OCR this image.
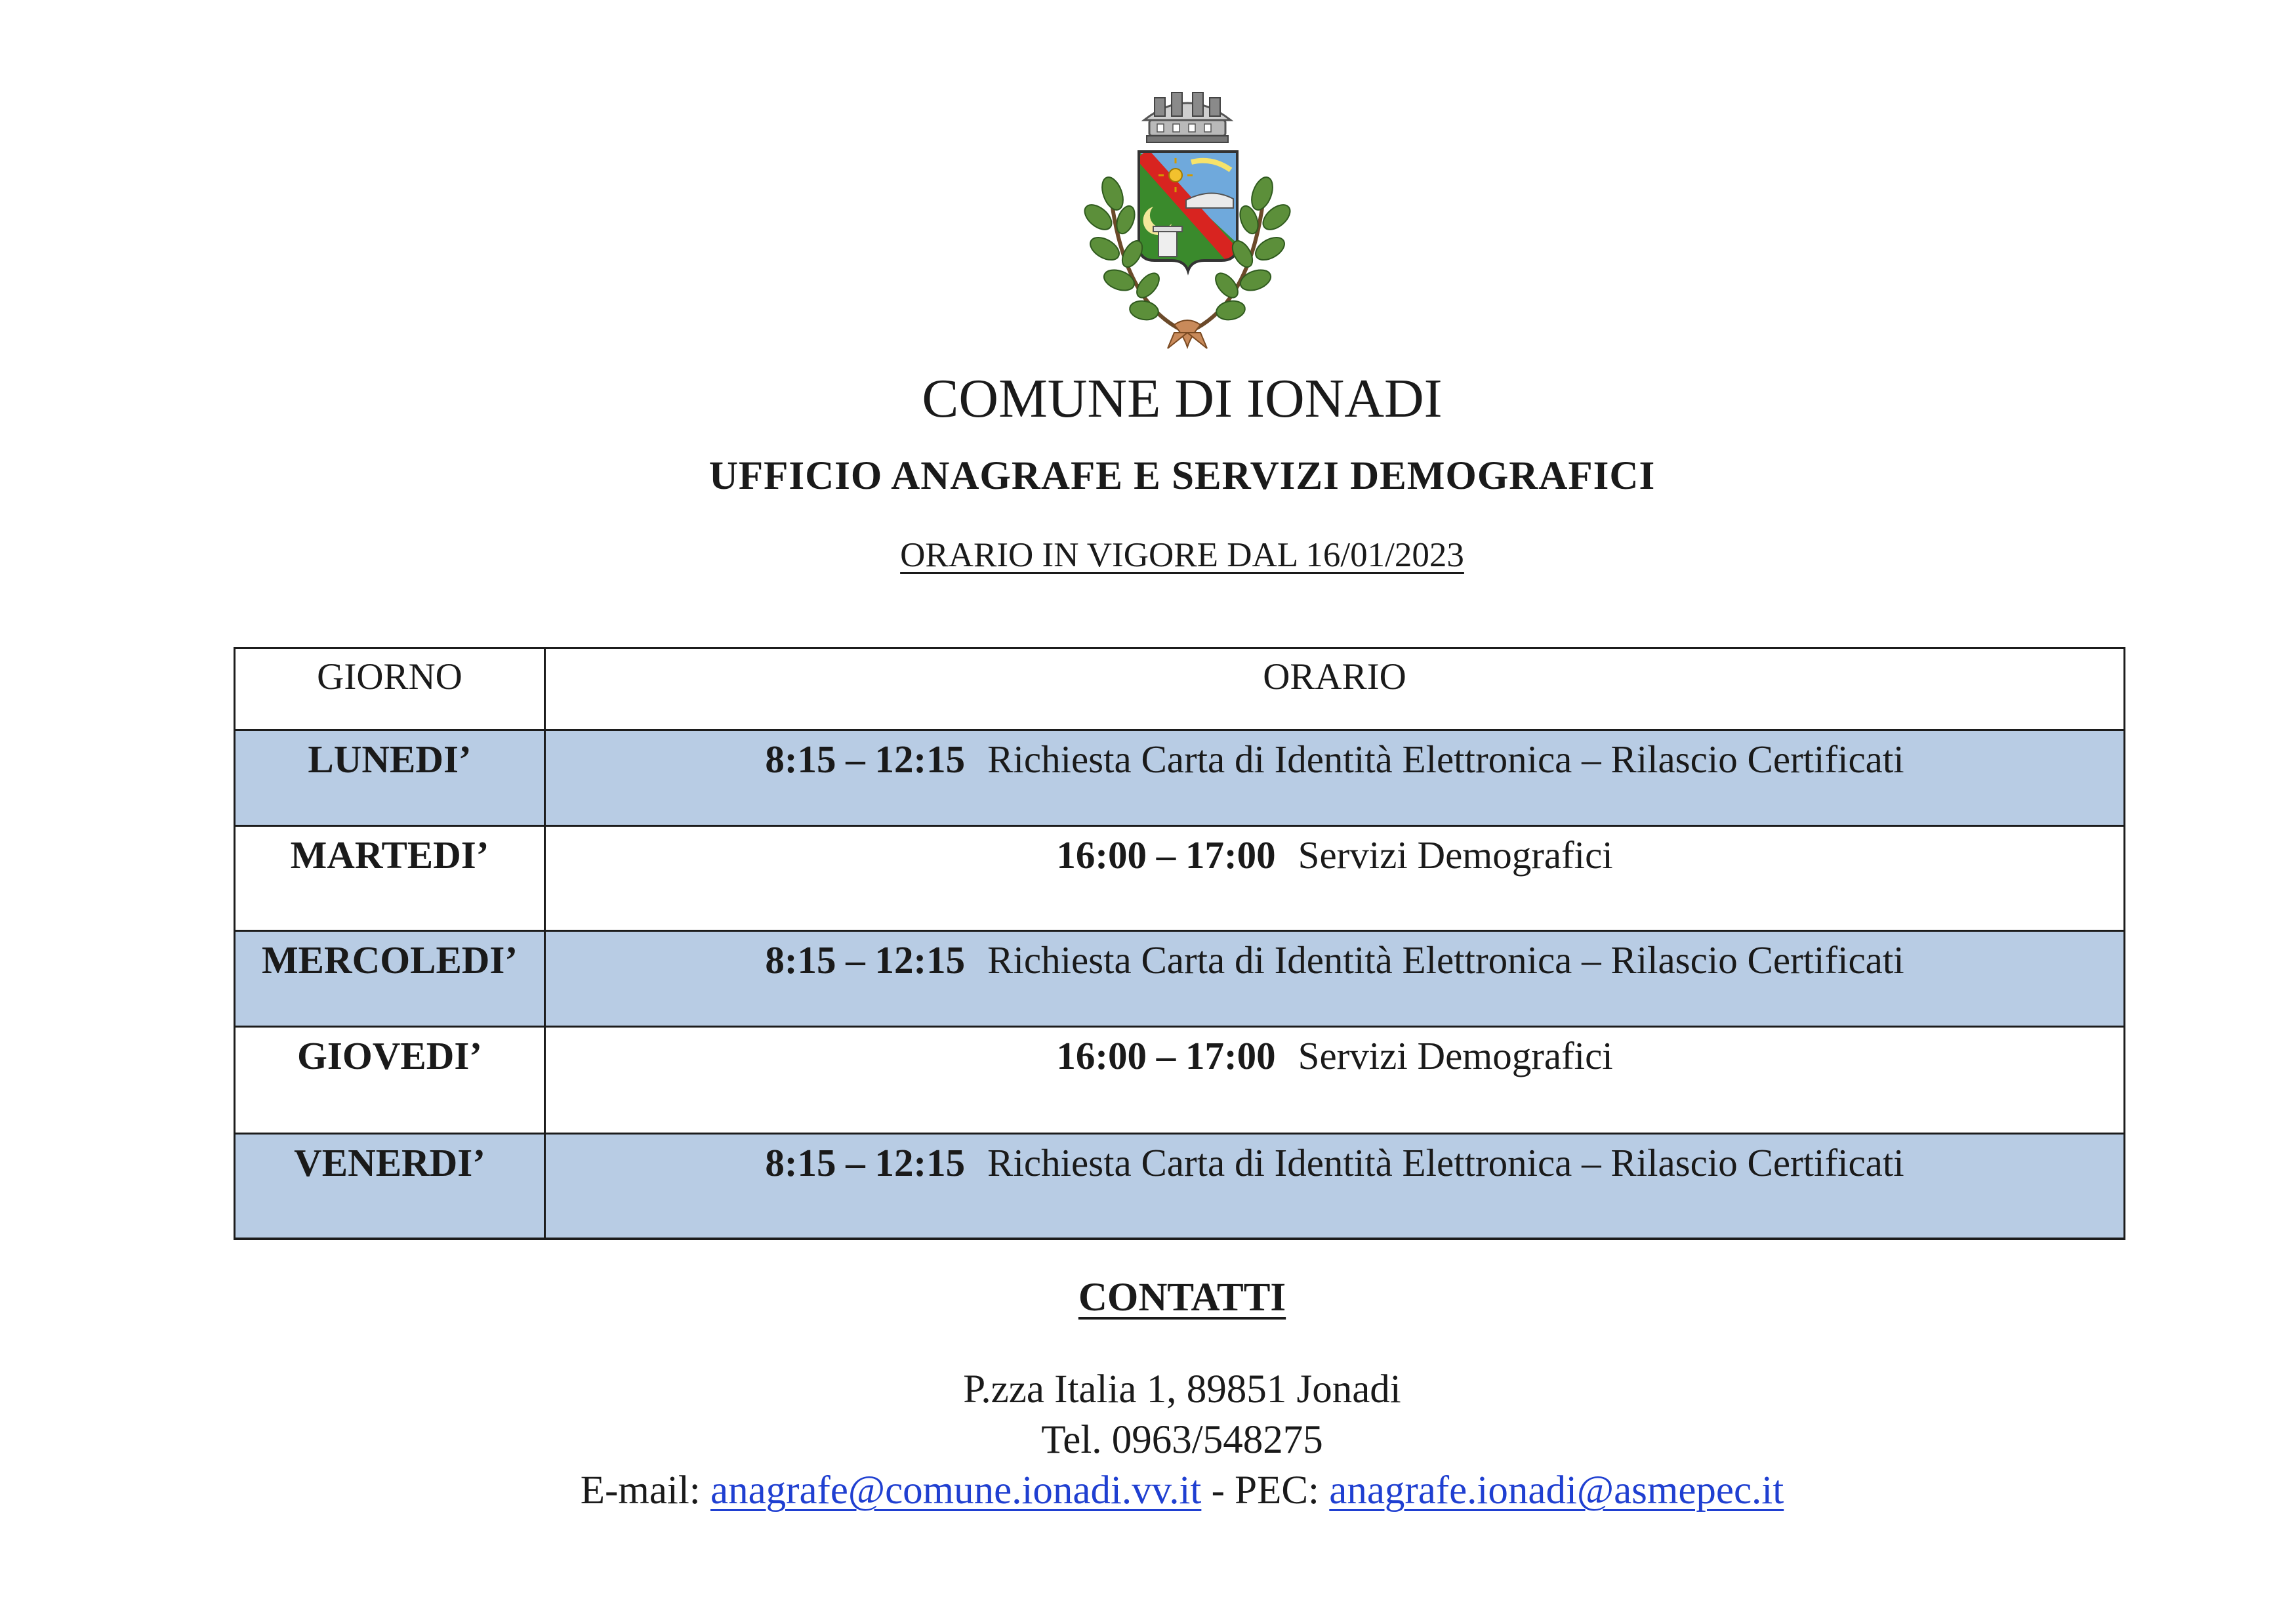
COMUNE DI IONADI
UFFICIO ANAGRAFE E SERVIZI DEMOGRAFICI
ORARIO IN VIGORE DAL 16/01/2023
GIORNO	ORARIO
LUNEDI’	8:15 – 12:15 Richiesta Carta di Identità Elettronica – Rilascio Certificati
MARTEDI’	16:00 – 17:00 Servizi Demografici
MERCOLEDI’	8:15 – 12:15 Richiesta Carta di Identità Elettronica – Rilascio Certificati
GIOVEDI’	16:00 – 17:00 Servizi Demografici
VENERDI’	8:15 – 12:15 Richiesta Carta di Identità Elettronica – Rilascio Certificati
CONTATTI
P.zza Italia 1, 89851 Jonadi
Tel. 0963/548275
E-mail: anagrafe@comune.ionadi.vv.it - PEC: anagrafe.ionadi@asmepec.it
